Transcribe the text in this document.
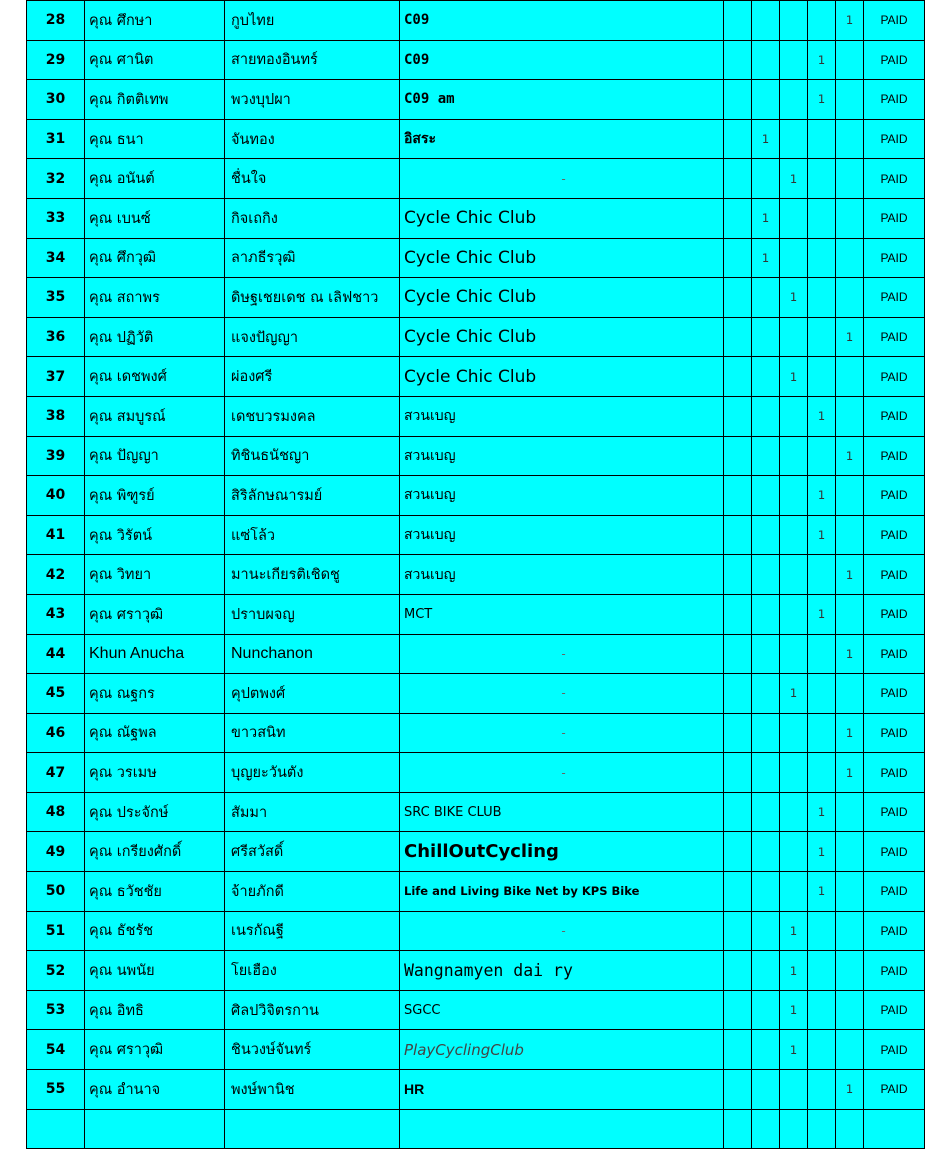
28	คุณ ศึกษา	กูบไทย	C09					1	PAID
29	คุณ ศานิต	สายทองอินทร์	C09				1		PAID
30	คุณ กิตติเทพ	พวงบุปผา	C09 am				1		PAID
31	คุณ ธนา	จันทอง	อิสระ		1				PAID
32	คุณ อนันต์	ชื่นใจ	-			1			PAID
33	คุณ เบนซ์	กิจเถกิง	Cycle Chic Club		1				PAID
34	คุณ ศึกวุฒิ	ลาภธีรวุฒิ	Cycle Chic Club		1				PAID
35	คุณ สถาพร	ดิษฐเชยเดช ณ เลิฟชาว	Cycle Chic Club			1			PAID
36	คุณ ปฏิวัติ	แจงปัญญา	Cycle Chic Club					1	PAID
37	คุณ เดชพงศ์	ผ่องศรี	Cycle Chic Club			1			PAID
38	คุณ สมบูรณ์	เดชบวรมงคล	สวนเบญ				1		PAID
39	คุณ ปัญญา	ทิชินธนัชญา	สวนเบญ					1	PAID
40	คุณ พิฑูรย์	สิริลักษณารมย์	สวนเบญ				1		PAID
41	คุณ วิรัตน์	แซ่โล้ว	สวนเบญ				1		PAID
42	คุณ วิทยา	มานะเกียรติเชิดชู	สวนเบญ					1	PAID
43	คุณ ศราวุฒิ	ปราบผจญ	MCT				1		PAID
44	Khun Anucha	Nunchanon	-					1	PAID
45	คุณ ณฐกร	คุปตพงศ์	-			1			PAID
46	คุณ ณัฐพล	ขาวสนิท	-					1	PAID
47	คุณ วรเมษ	บุญยะวันตัง	-					1	PAID
48	คุณ ประจักษ์	สัมมา	SRC BIKE CLUB				1		PAID
49	คุณ เกรียงศักดิ์	ศรีสวัสดิ์	ChillOutCycling				1		PAID
50	คุณ ธวัชชัย	จ้ายภักดี	Life and Living Bike Net by KPS Bike				1		PAID
51	คุณ ธัชรัช	เนรกัณฐี	-			1			PAID
52	คุณ นพนัย	โยเฮือง	Wangnamyen dai ry			1			PAID
53	คุณ อิทธิ	ศิลปวิจิตรกาน	SGCC			1			PAID
54	คุณ ศราวุฒิ	ชินวงษ์จันทร์	PlayCyclingClub			1			PAID
55	คุณ อำนาจ	พงษ์พานิช	HR					1	PAID
